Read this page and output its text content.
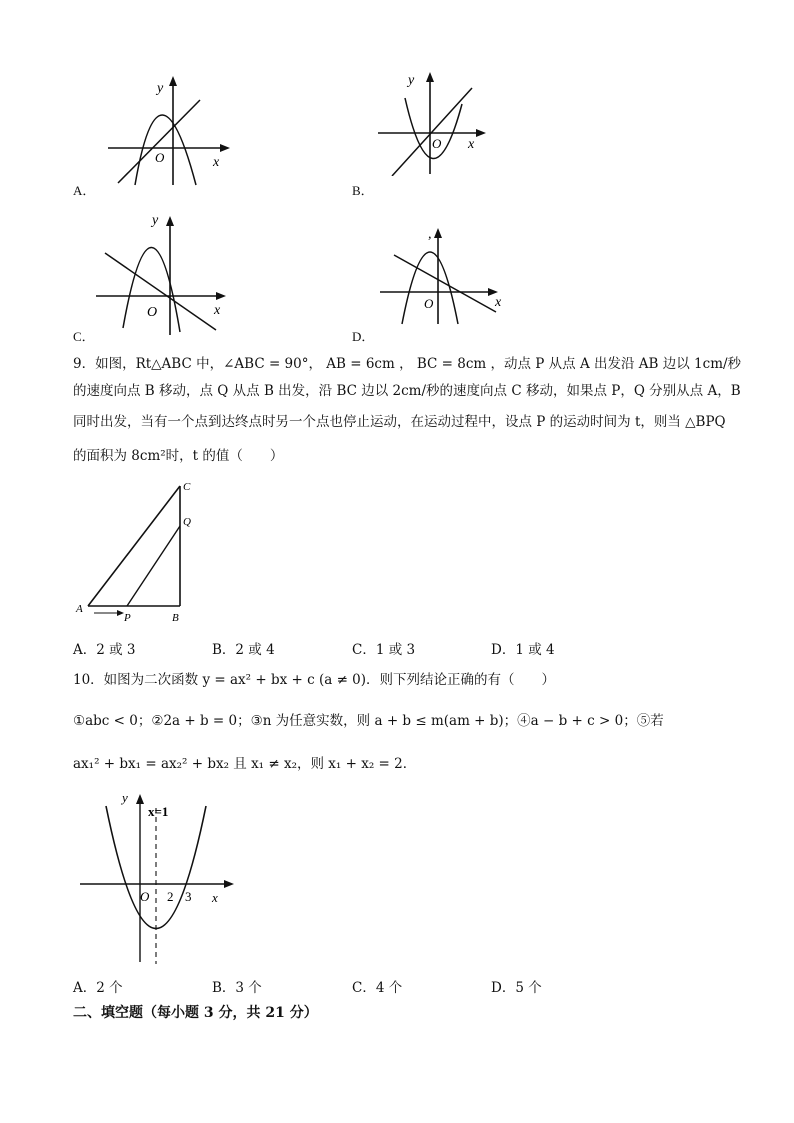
y
O	x
A．
y
O x
B．
y
O	x
C．
,
O	x
D．
9．如图，Rt△ABC 中，∠ABC = 90°， AB = 6cm ， BC = 8cm ，动点 P 从点 A 出发沿 AB 边以 1cm/秒
的速度向点 B 移动，点 Q 从点 B 出发，沿 BC 边以 2cm/秒的速度向点 C 移动，如果点 P，Q 分别从点 A，B
同时出发，当有一个点到达终点时另一个点也停止运动，在运动过程中，设点 P 的运动时间为 t，则当 △BPQ
的面积为 8cm²时，t 的值（　　）
A
P	B
C
Q
A．2 或 3	B．2 或 4	C．1 或 3	D．1 或 4
10．如图为二次函数 y = ax² + bx + c (a ≠ 0)．则下列结论正确的有（　　）
①abc < 0；②2a + b = 0；③n 为任意实数，则 a + b ≤ m(am + b)；④a − b + c > 0；⑤若
ax₁² + bx₁ = ax₂² + bx₂ 且 x₁ ≠ x₂，则 x₁ + x₂ = 2．
y
x=1
O 2 3 x
A．2 个	B．3 个	C．4 个	D．5 个
二、填空题（每小题 3 分，共 21 分）
